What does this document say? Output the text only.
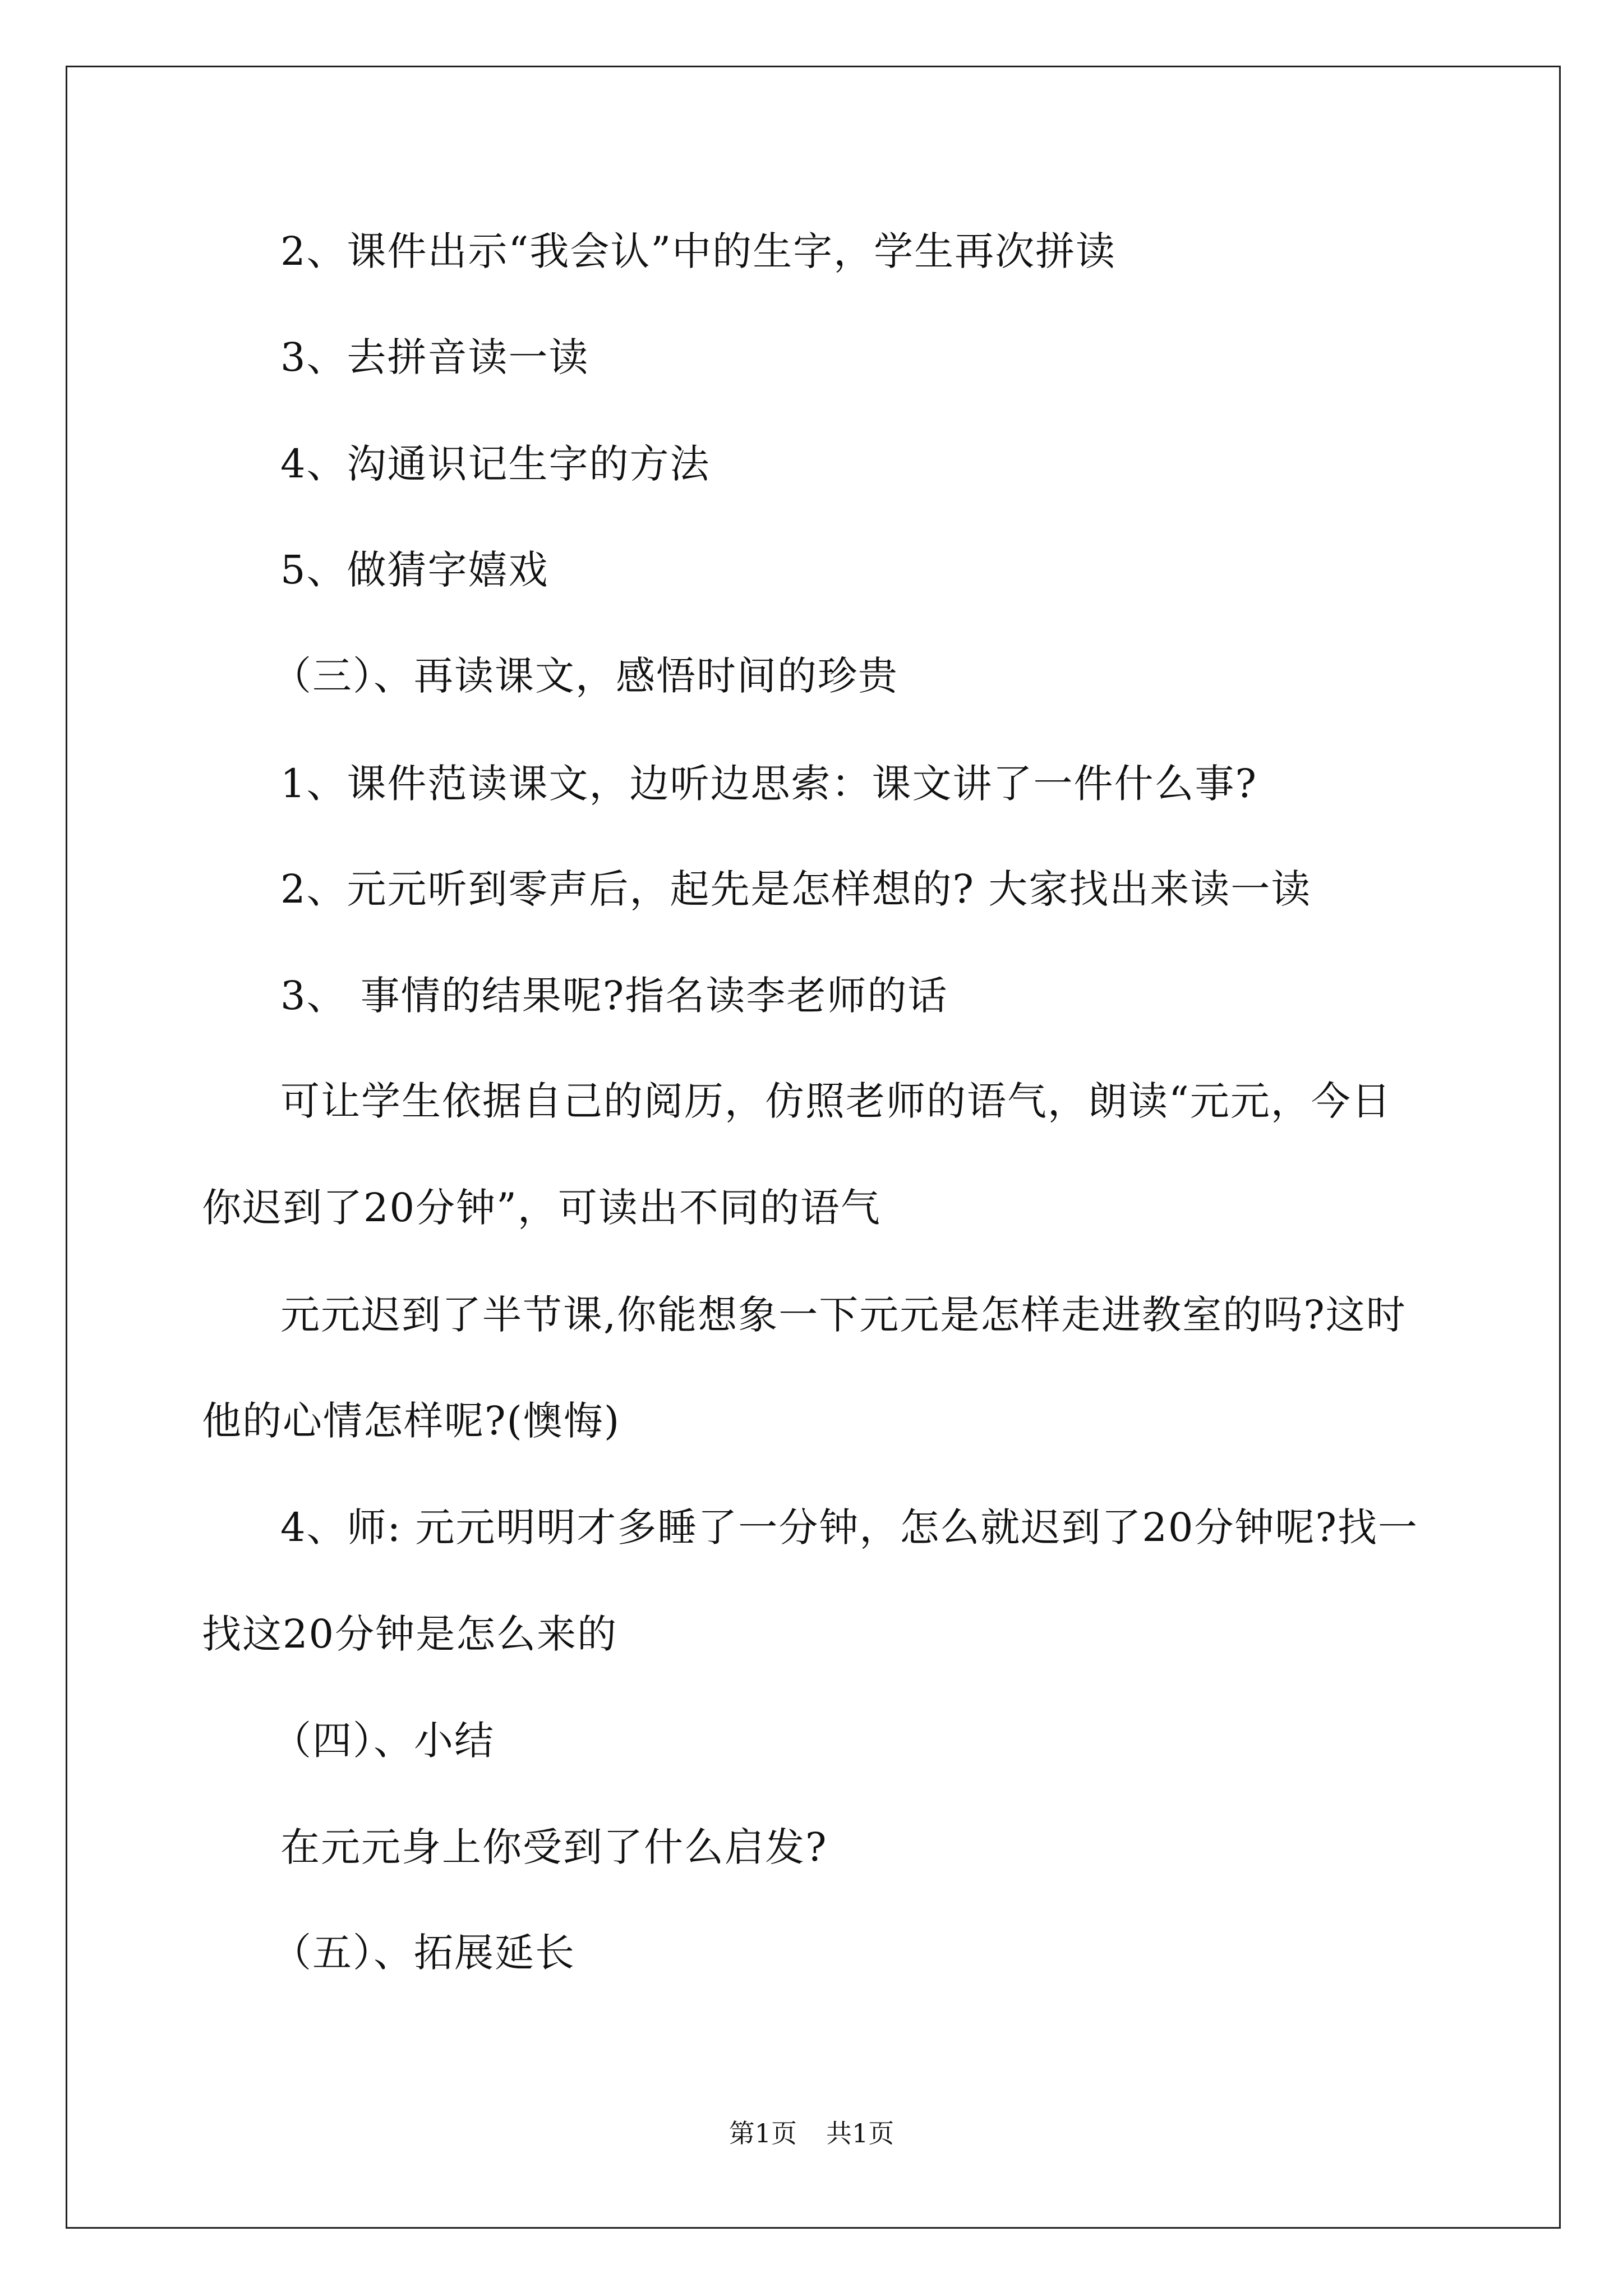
2、课件出示“我会认”中的生字，学生再次拼读
3、去拼音读一读
4、沟通识记生字的方法
5、做猜字嬉戏
（三）、再读课文，感悟时间的珍贵
1、课件范读课文，边听边思索：课文讲了一件什么事?
2、元元听到零声后，起先是怎样想的? 大家找出来读一读
3、 事情的结果呢?指名读李老师的话
可让学生依据自己的阅历，仿照老师的语气，朗读“元元，今日
你迟到了20分钟”，可读出不同的语气
元元迟到了半节课,你能想象一下元元是怎样走进教室的吗?这时
他的心情怎样呢?(懊悔)
4、师: 元元明明才多睡了一分钟，怎么就迟到了20分钟呢?找一
找这20分钟是怎么来的
（四）、小结
在元元身上你受到了什么启发?
（五）、拓展延长
第1页 共1页
